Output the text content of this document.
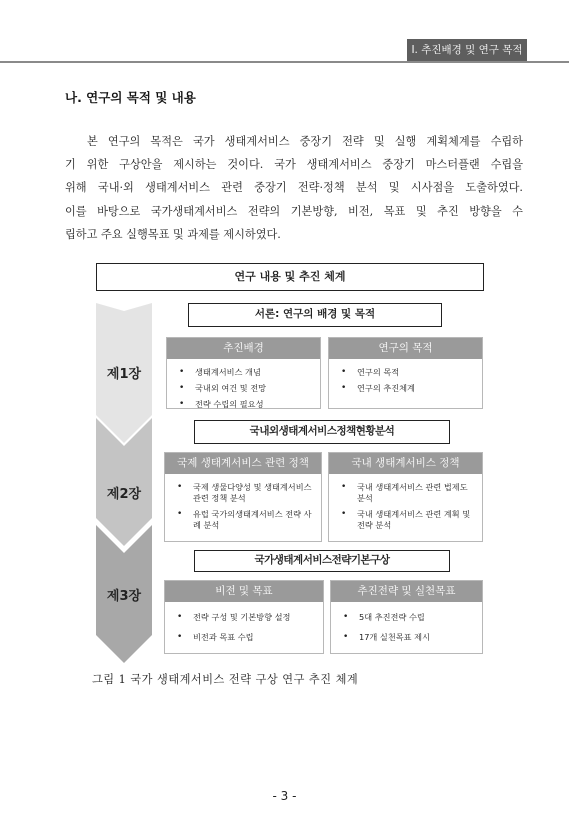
Ⅰ. 추진배경 및 연구 목적
나. 연구의 목적 및 내용
본 연구의 목적은 국가 생태계서비스 중장기 전략 및 실행 계획체계를 수립하
기 위한 구상안을 제시하는 것이다. 국가 생태계서비스 중장기 마스터플랜 수립을
위해 국내·외 생태계서비스 관련 중장기 전략·정책 분석 및 시사점을 도출하였다.
이를 바탕으로 국가생태계서비스 전략의 기본방향, 비전, 목표 및 추진 방향을 수
립하고 주요 실행목표 및 과제를 제시하였다.
연구 내용 및 추진 체계
제1장
제2장
제3장
서론: 연구의 배경 및 목적
추진배경
• 생태계서비스 개념
• 국내외 여건 및 전망
• 전략 수립의 필요성
연구의 목적
• 연구의 목적
• 연구의 추진체계
국내외생태계서비스정책현황분석
국제 생태계서비스 관련 정책
• 국제 생물다양성 및 생태계서비스 관련 정책 분석
• 유럽 국가의생태계서비스 전략 사례 분석
국내 생태계서비스 정책
• 국내 생태계서비스 관련 법제도 분석
• 국내 생태계서비스 관련 계획 및 전략 분석
국가생태계서비스전략기본구상
비전 및 목표
• 전략 구성 및 기본방향 설정
• 비전과 목표 수립
추진전략 및 실천목표
• 5대 추진전략 수립
• 17개 실천목표 제시
그림 1 국가 생태계서비스 전략 구상 연구 추진 체계
- 3 -
